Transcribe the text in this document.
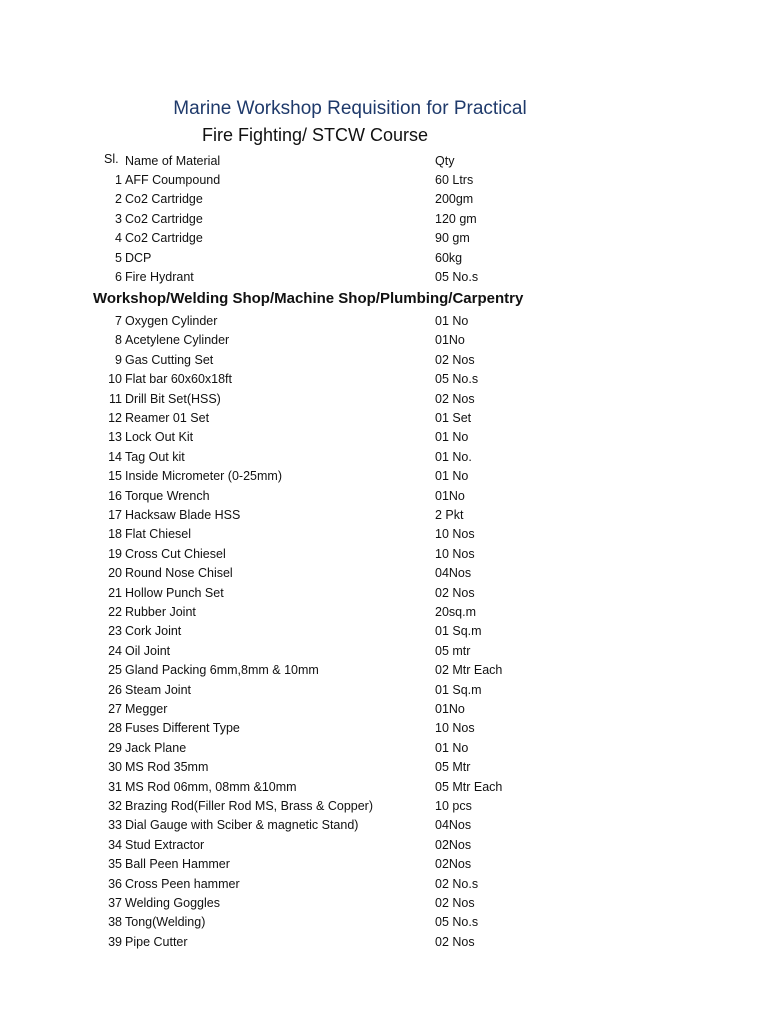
Marine Workshop Requisition for Practical
Fire Fighting/ STCW Course
Sl. Name of Material	Qty
1 AFF Coumpound	60 Ltrs
2 Co2 Cartridge	200gm
3 Co2 Cartridge	120 gm
4 Co2 Cartridge	90 gm
5 DCP	60kg
6 Fire Hydrant	05 No.s
Workshop/Welding Shop/Machine Shop/Plumbing/Carpentry
7 Oxygen Cylinder	01 No
8 Acetylene Cylinder	01No
9 Gas Cutting Set	02 Nos
10 Flat bar 60x60x18ft	05 No.s
11 Drill Bit Set(HSS)	02 Nos
12 Reamer 01 Set	01 Set
13 Lock Out Kit	01 No
14 Tag Out kit	01 No.
15 Inside Micrometer (0-25mm)	01 No
16 Torque Wrench	01No
17 Hacksaw Blade HSS	2 Pkt
18 Flat Chiesel	10 Nos
19 Cross Cut Chiesel	10 Nos
20 Round Nose Chisel	04Nos
21 Hollow Punch Set	02 Nos
22 Rubber Joint	20sq.m
23 Cork Joint	01 Sq.m
24 Oil Joint	05 mtr
25 Gland Packing 6mm,8mm & 10mm	02 Mtr Each
26 Steam Joint	01 Sq.m
27 Megger	01No
28 Fuses Different Type	10 Nos
29 Jack Plane	01 No
30 MS Rod 35mm	05 Mtr
31 MS Rod 06mm, 08mm &10mm	05 Mtr Each
32 Brazing Rod(Filler Rod MS, Brass & Copper)	10 pcs
33 Dial Gauge with Sciber & magnetic Stand)	04Nos
34 Stud Extractor	02Nos
35 Ball Peen Hammer	02Nos
36 Cross Peen hammer	02 No.s
37 Welding Goggles	02 Nos
38 Tong(Welding)	05 No.s
39 Pipe Cutter	02 Nos
